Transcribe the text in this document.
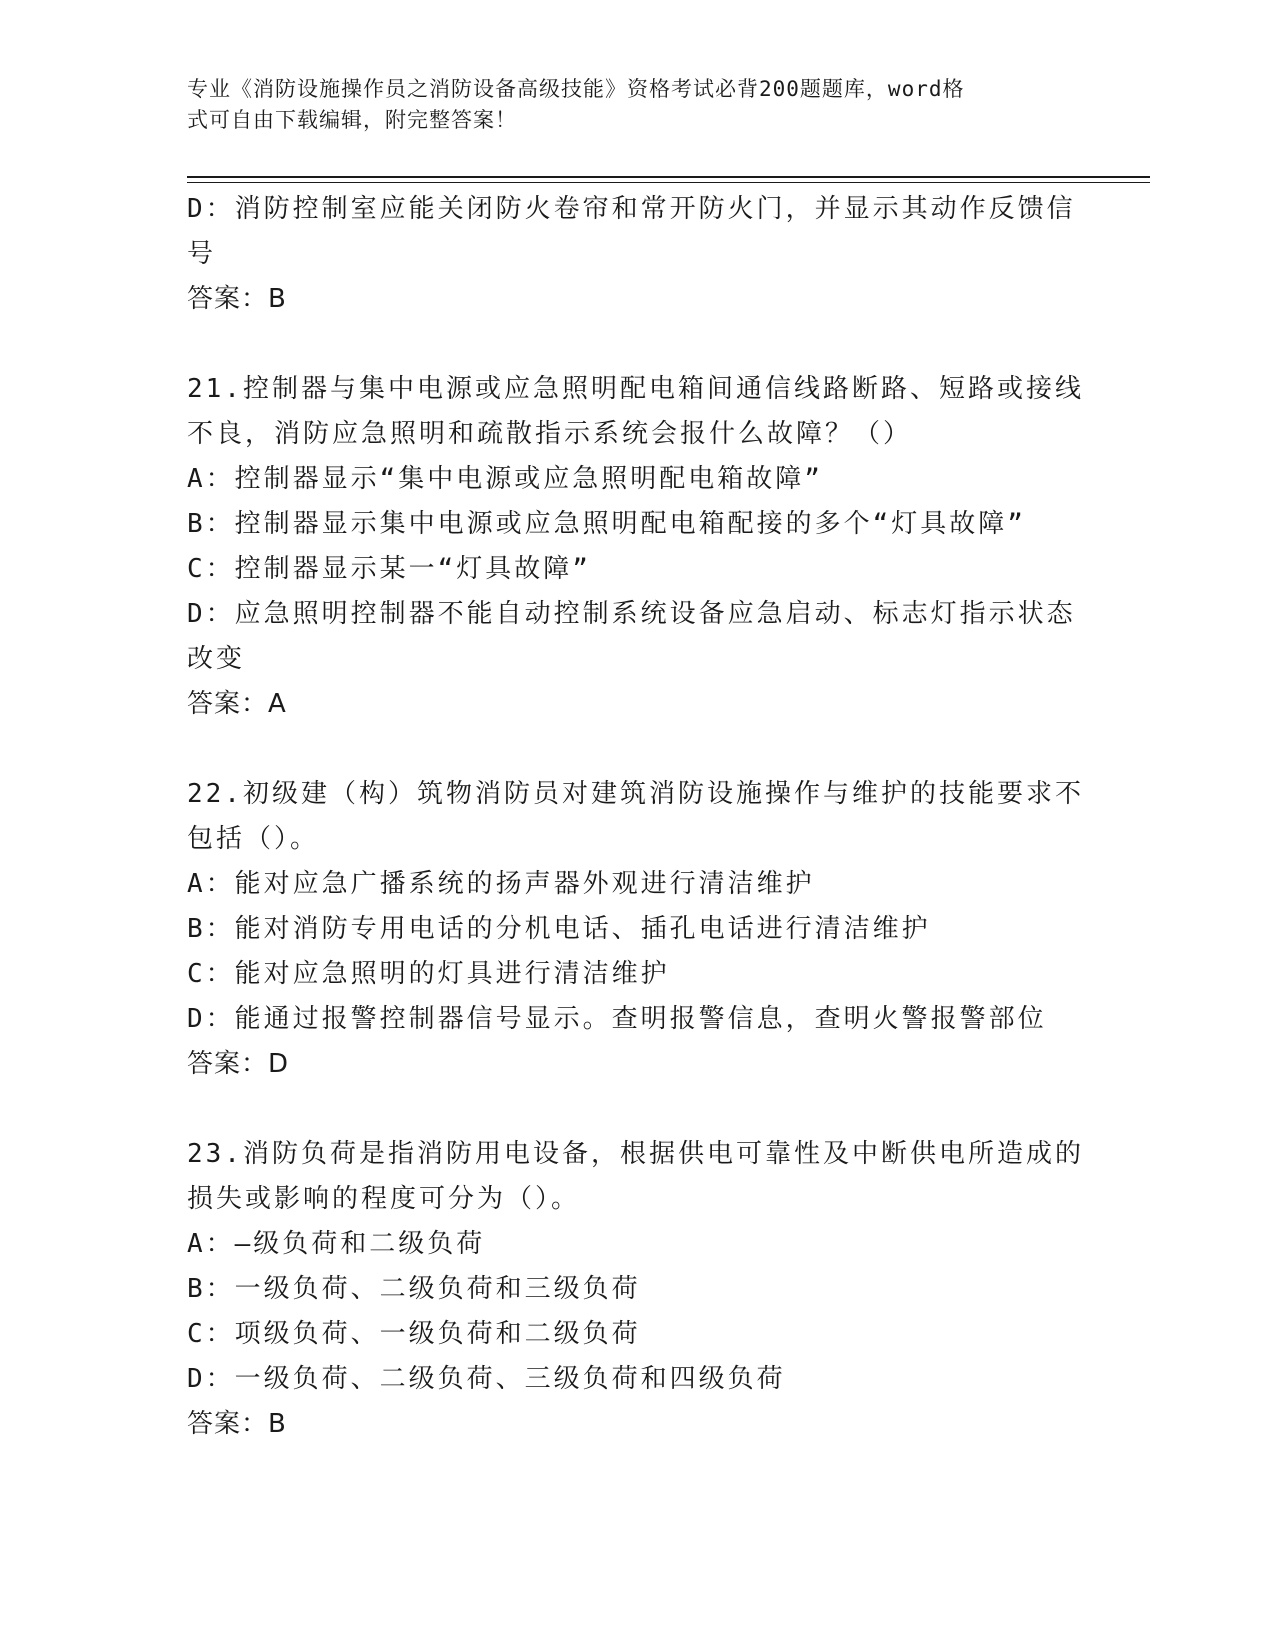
专业《消防设施操作员之消防设备高级技能》资格考试必背200题题库，word格
式可自由下载编辑，附完整答案！
D：消防控制室应能关闭防火卷帘和常开防火门，并显示其动作反馈信
号
答案：B
21.控制器与集中电源或应急照明配电箱间通信线路断路、短路或接线
不良，消防应急照明和疏散指示系统会报什么故障？（）
A：控制器显示“集中电源或应急照明配电箱故障”
B：控制器显示集中电源或应急照明配电箱配接的多个“灯具故障”
C：控制器显示某一“灯具故障”
D：应急照明控制器不能自动控制系统设备应急启动、标志灯指示状态
改变
答案：A
22.初级建（构）筑物消防员对建筑消防设施操作与维护的技能要求不
包括（）。
A：能对应急广播系统的扬声器外观进行清洁维护
B：能对消防专用电话的分机电话、插孔电话进行清洁维护
C：能对应急照明的灯具进行清洁维护
D：能通过报警控制器信号显示。查明报警信息，查明火警报警部位
答案：D
23.消防负荷是指消防用电设备，根据供电可靠性及中断供电所造成的
损失或影响的程度可分为（）。
A：—级负荷和二级负荷
B：一级负荷、二级负荷和三级负荷
C：项级负荷、一级负荷和二级负荷
D：一级负荷、二级负荷、三级负荷和四级负荷
答案：B
